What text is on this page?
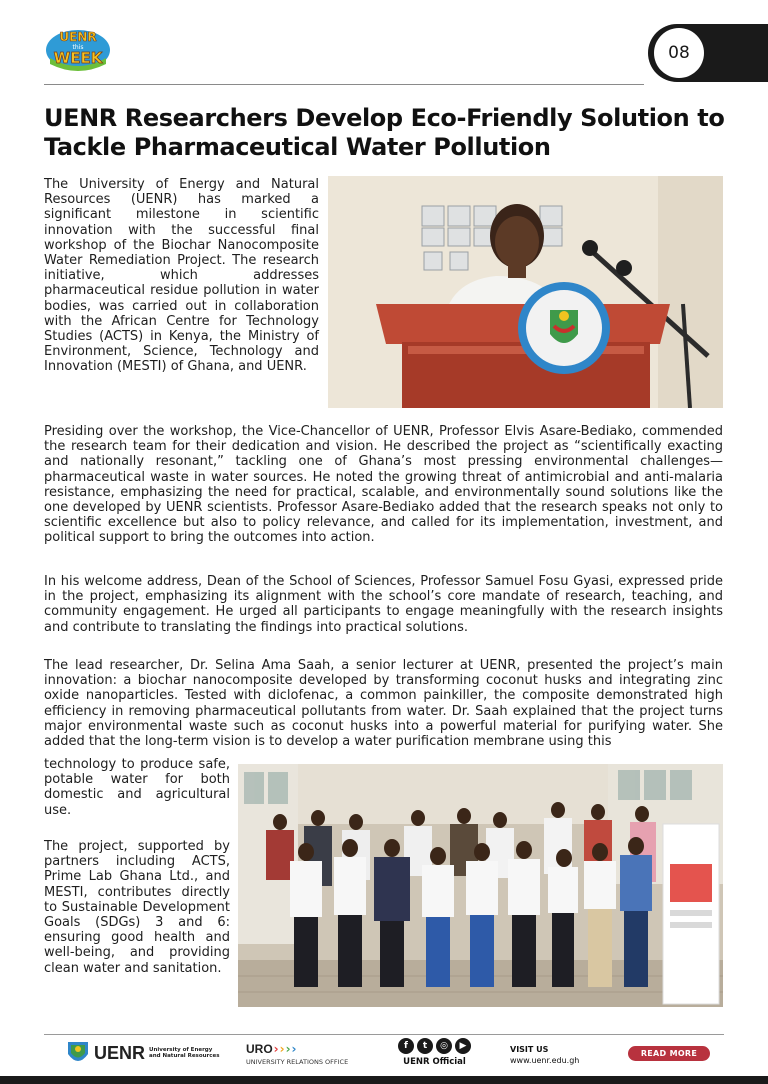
UENR
this
WEEK	08
UENR Researchers Develop Eco-Friendly Solution to Tackle Pharmaceutical Water Pollution

The University of Energy and Natural Resources (UENR) has marked a significant milestone in scientific innovation with the successful final workshop of the Biochar Nanocomposite Water Remediation Project. The research initiative, which addresses pharmaceutical residue pollution in water bodies, was carried out in collaboration with the African Centre for Technology Studies (ACTS) in Kenya, the Ministry of Environment, Science, Technology and Innovation (MESTI) of Ghana, and UENR.

Presiding over the workshop, the Vice-Chancellor of UENR, Professor Elvis Asare-Bediako, commended the research team for their dedication and vision. He described the project as “scientifically exacting and nationally resonant,” tackling one of Ghana’s most pressing environmental challenges—pharmaceutical waste in water sources. He noted the growing threat of antimicrobial and anti-malaria resistance, emphasizing the need for practical, scalable, and environmentally sound solutions like the one developed by UENR scientists. Professor Asare-Bediako added that the research speaks not only to scientific excellence but also to policy relevance, and called for its implementation, investment, and political support to bring the outcomes into action.

In his welcome address, Dean of the School of Sciences, Professor Samuel Fosu Gyasi, expressed pride in the project, emphasizing its alignment with the school’s core mandate of research, teaching, and community engagement. He urged all participants to engage meaningfully with the research insights and contribute to translating the findings into practical solutions.

The lead researcher, Dr. Selina Ama Saah, a senior lecturer at UENR, presented the project’s main innovation: a biochar nanocomposite developed by transforming coconut husks and integrating zinc oxide nanoparticles. Tested with diclofenac, a common painkiller, the composite demonstrated high efficiency in removing pharmaceutical pollutants from water. Dr. Saah explained that the project turns major environmental waste such as coconut husks into a powerful material for purifying water. She added that the long-term vision is to develop a water purification membrane using this

technology to produce safe, potable water for both domestic and agricultural use.

The project, supported by partners including ACTS, Prime Lab Ghana Ltd., and MESTI, contributes directly to Sustainable Development Goals (SDGs) 3 and 6: ensuring good health and well-being, and providing clean water and sanitation.

UENR University of Energy and Natural Resources URO › › › ›
UNIVERSITY RELATIONS OFFICE
f	t	◎	▶
UENR Official
VISIT US
www.uenr.edu.gh
READ MORE
